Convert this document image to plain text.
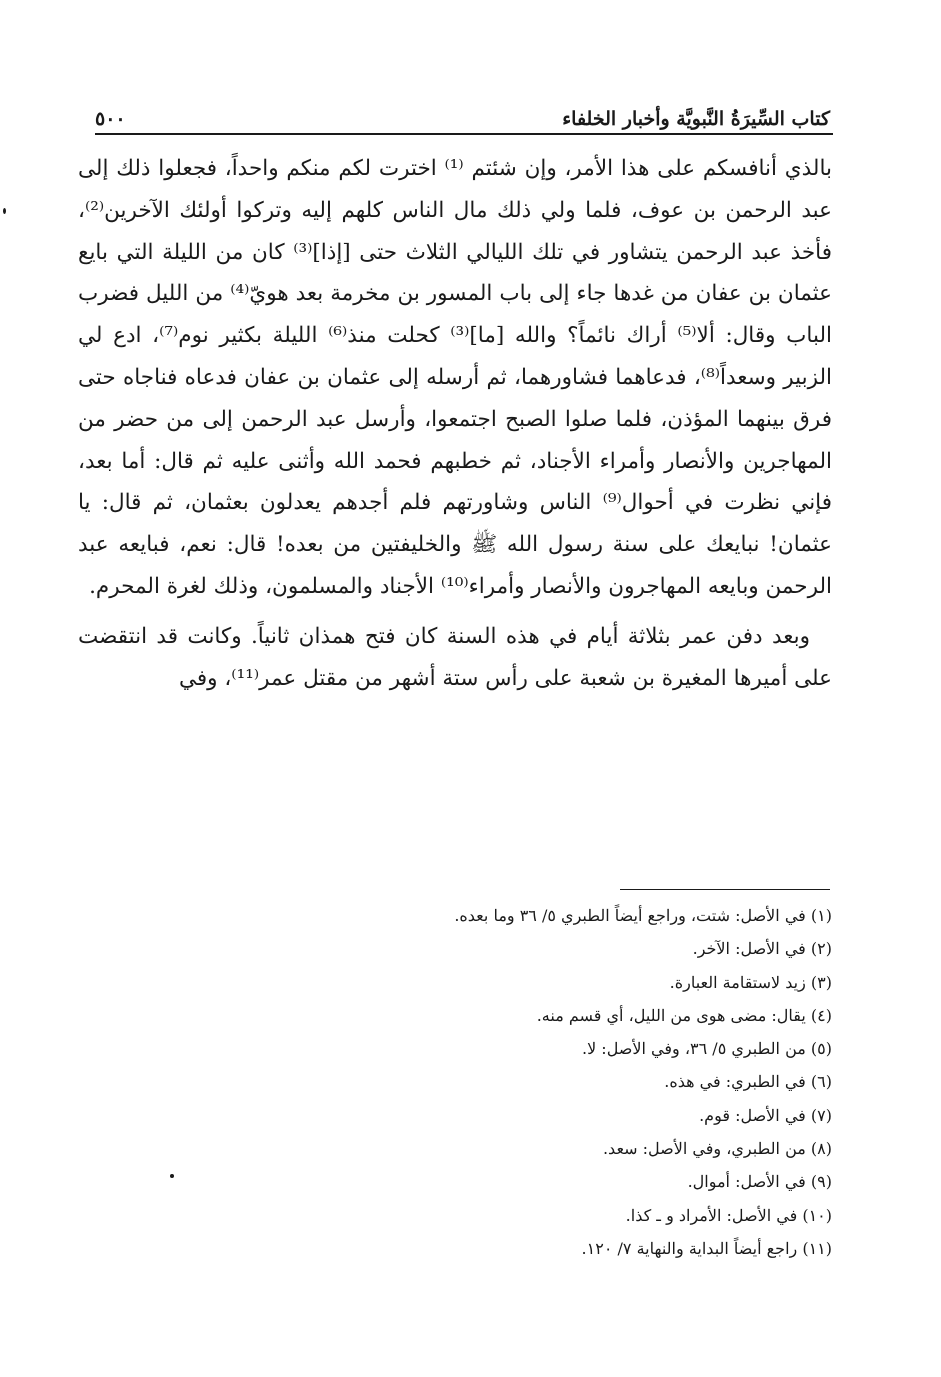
كتاب السِّيرَةُ النَّبويَّة وأخبار الخلفاء
٥٠٠

بالذي أنافسكم على هذا الأمر، وإن شئتم ⁽¹⁾ اخترت لكم منكم واحداً، فجعلوا ذلك إلى عبد الرحمن بن عوف، فلما ولي ذلك مال الناس كلهم إليه وتركوا أولئك الآخرين⁽²⁾، فأخذ عبد الرحمن يتشاور في تلك الليالي الثلاث حتى [إذا]⁽³⁾ كان من الليلة التي بايع عثمان بن عفان من غدها جاء إلى باب المسور بن مخرمة بعد هويّ⁽⁴⁾ من الليل فضرب الباب وقال: ألا⁽⁵⁾ أراك نائماً؟ والله [ما]⁽³⁾ كحلت منذ⁽⁶⁾ الليلة بكثير نوم⁽⁷⁾، ادع لي الزبير وسعداً⁽⁸⁾، فدعاهما فشاورهما، ثم أرسله إلى عثمان بن عفان فدعاه فناجاه حتى فرق بينهما المؤذن، فلما صلوا الصبح اجتمعوا، وأرسل عبد الرحمن إلى من حضر من المهاجرين والأنصار وأمراء الأجناد، ثم خطبهم فحمد الله وأثنى عليه ثم قال: أما بعد، فإني نظرت في أحوال⁽⁹⁾ الناس وشاورتهم فلم أجدهم يعدلون بعثمان، ثم قال: يا عثمان! نبايعك على سنة رسول الله ﷺ والخليفتين من بعده! قال: نعم، فبايعه عبد الرحمن وبايعه المهاجرون والأنصار وأمراء⁽¹⁰⁾ الأجناد والمسلمون، وذلك لغرة المحرم.

وبعد دفن عمر بثلاثة أيام في هذه السنة كان فتح همذان ثانياً. وكانت قد انتقضت على أميرها المغيرة بن شعبة على رأس ستة أشهر من مقتل عمر⁽¹¹⁾، وفي

(١) في الأصل: شتت، وراجع أيضاً الطبري ٥/ ٣٦ وما بعده.
(٢) في الأصل: الآخر.
(٣) زيد لاستقامة العبارة.
(٤) يقال: مضى هوى من الليل، أي قسم منه.
(٥) من الطبري ٥/ ٣٦، وفي الأصل: لا.
(٦) في الطبري: في هذه.
(٧) في الأصل: قوم.
(٨) من الطبري، وفي الأصل: سعد.
(٩) في الأصل: أموال.
(١٠) في الأصل: الأمراد و ـ كذا.
(١١) راجع أيضاً البداية والنهاية ٧/ ١٢٠.
